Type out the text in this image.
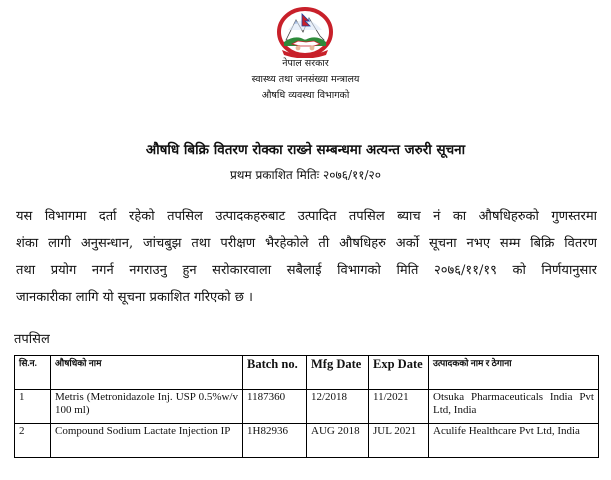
नेपाल सरकार
स्वास्थ्य तथा जनसंख्या मन्त्रालय
औषधि व्यवस्था विभागको
औषधि बिक्रि वितरण रोक्का राख्ने सम्बन्धमा अत्यन्त जरुरी सूचना
प्रथम प्रकाशित मितिः २०७६/११/२०
यस विभागमा दर्ता रहेको तपसिल उत्पादकहरुबाट उत्पादित तपसिल ब्याच नं का औषधिहरुको गुणस्तरमा
शंका लागी अनुसन्धान, जांचबुझ तथा परीक्षण भैरहेकोले ती औषधिहरु अर्को सूचना नभए सम्म बिक्रि वितरण
तथा प्रयोग नगर्न नगराउनु हुन सरोकारवाला सबैलाई विभागको मिति २०७६/११/१९ को निर्णयानुसार
जानकारीका लागि यो सूचना प्रकाशित गरिएको छ ।
तपसिल
सि.न.	औषधिको नाम	Batch no.	Mfg Date	Exp Date	उत्पादकको नाम र ठेगाना
1	Metris (Metronidazole Inj. USP 0.5%w/v 100 ml)	1187360	12/2018	11/2021	Otsuka Pharmaceuticals India Pvt Ltd, India
2	Compound Sodium Lactate Injection IP	1H82936	AUG 2018	JUL 2021	Aculife Healthcare Pvt Ltd, India
